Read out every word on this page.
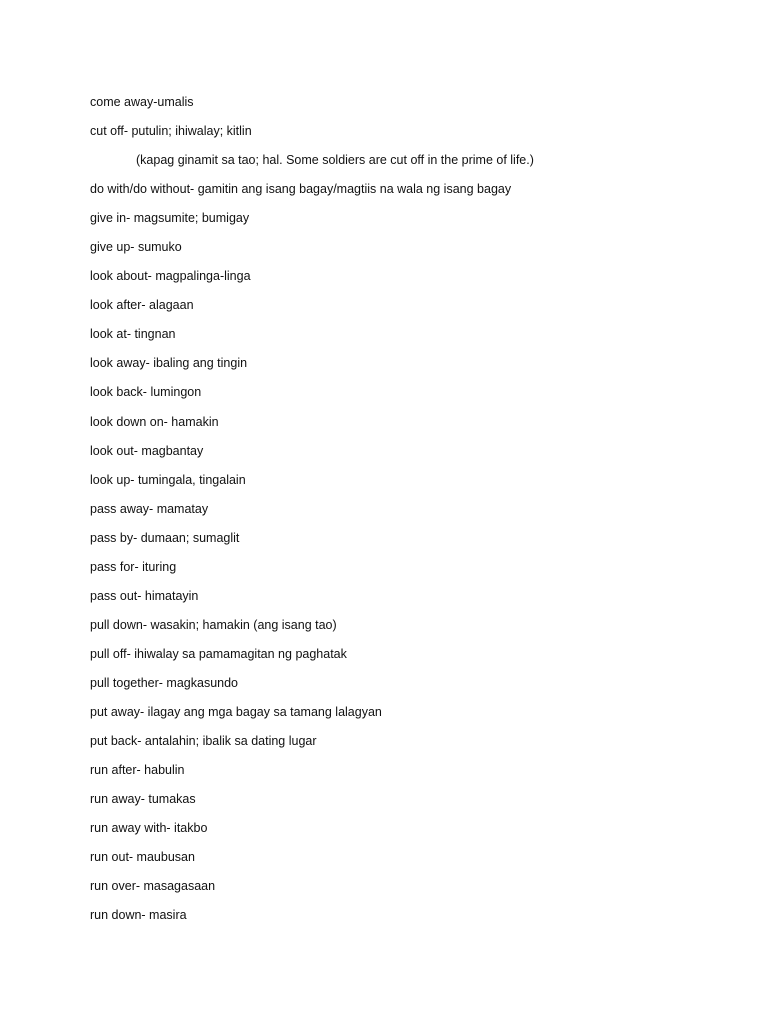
come away-umalis
cut off- putulin; ihiwalay; kitlin
(kapag ginamit sa tao; hal. Some soldiers are cut off in the prime of life.)
do with/do without- gamitin ang isang bagay/magtiis na wala ng isang bagay
give in- magsumite; bumigay
give up- sumuko
look about- magpalinga-linga
look after- alagaan
look at- tingnan
look away- ibaling ang tingin
look back- lumingon
look down on- hamakin
look out- magbantay
look up- tumingala, tingalain
pass away- mamatay
pass by- dumaan; sumaglit
pass for- ituring
pass out- himatayin
pull down- wasakin; hamakin (ang isang tao)
pull off- ihiwalay sa pamamagitan ng paghatak
pull together- magkasundo
put away- ilagay ang mga bagay sa tamang lalagyan
put back- antalahin; ibalik sa dating lugar
run after- habulin
run away- tumakas
run away with- itakbo
run out- maubusan
run over- masagasaan
run down- masira
